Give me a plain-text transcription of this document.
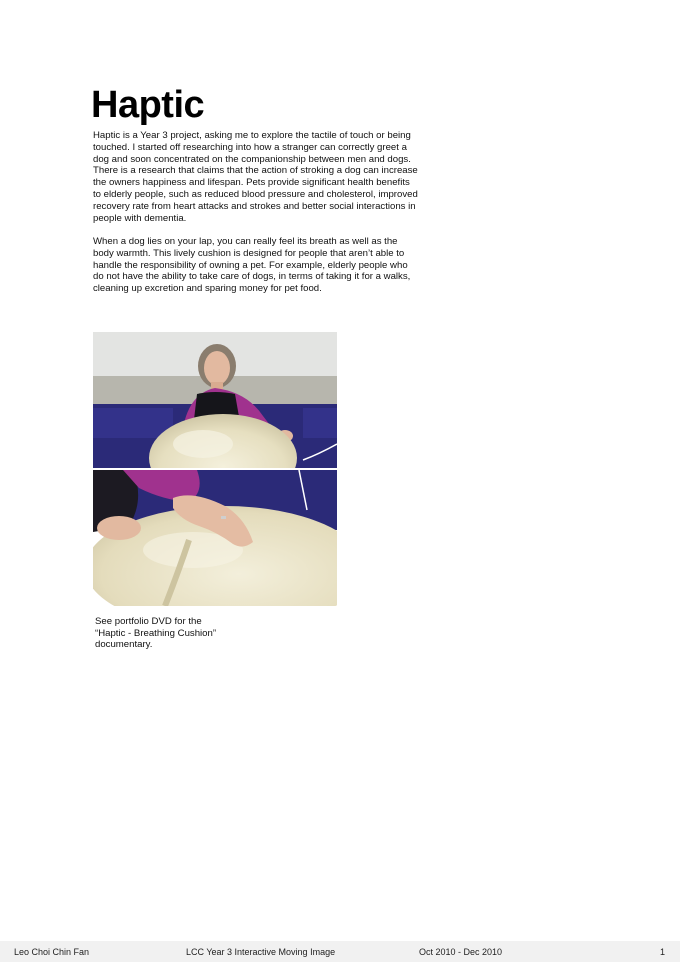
Haptic

Haptic is a Year 3 project, asking me to explore the tactile of touch or being touched. I started off researching into how a stranger can correctly greet a dog and soon concentrated on the companionship between men and dogs. There is a research that claims that the action of stroking a dog can increase the owners happiness and lifespan. Pets provide significant health benefits to elderly people, such as reduced blood pressure and cholesterol, improved recovery rate from heart attacks and strokes and better social interactions in people with dementia.

When a dog lies on your lap, you can really feel its breath as well as the body warmth. This lively cushion is designed for people that aren’t able to handle the responsibility of owning a pet. For example, elderly people who do not have the ability to take care of dogs, in terms of taking it for a walks, cleaning up excretion and sparing money for pet food.

See portfolio DVD for the
“Haptic - Breathing Cushion”
documentary.
Leo Choi Chin Fan	LCC Year 3 Interactive Moving Image	Oct 2010 - Dec 2010	1
